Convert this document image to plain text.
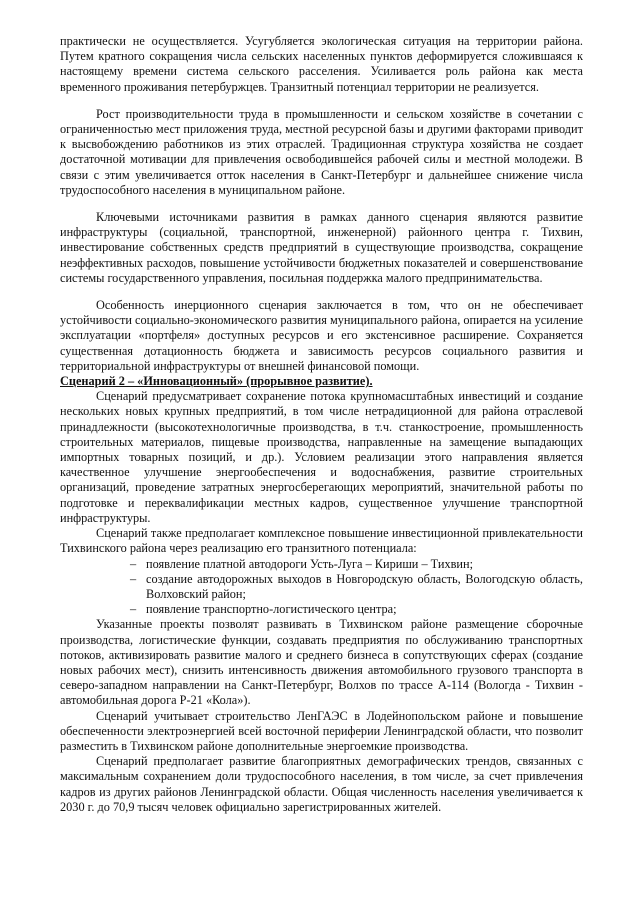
практически не осуществляется. Усугубляется экологическая ситуация на территории района. Путем кратного сокращения числа сельских населенных пунктов деформируется сложившаяся к настоящему времени система сельского расселения. Усиливается роль района как места временного проживания петербуржцев. Транзитный потенциал территории не реализуется.

Рост производительности труда в промышленности и сельском хозяйстве в сочетании с ограниченностью мест приложения труда, местной ресурсной базы и другими факторами приводит к высвобождению работников из этих отраслей. Традиционная структура хозяйства не создает достаточной мотивации для привлечения освободившейся рабочей силы и местной молодежи. В связи с этим увеличивается отток населения в Санкт-Петербург и дальнейшее снижение числа трудоспособного населения в муниципальном районе.

Ключевыми источниками развития в рамках данного сценария являются развитие инфраструктуры (социальной, транспортной, инженерной) районного центра г. Тихвин, инвестирование собственных средств предприятий в существующие производства, сокращение неэффективных расходов, повышение устойчивости бюджетных показателей и совершенствование системы государственного управления, посильная поддержка малого предпринимательства.

Особенность инерционного сценария заключается в том, что он не обеспечивает устойчивости социально-экономического развития муниципального района, опирается на усиление эксплуатации «портфеля» доступных ресурсов и его экстенсивное расширение. Сохраняется существенная дотационность бюджета и зависимость ресурсов социального развития и территориальной инфраструктуры от внешней финансовой помощи.

Сценарий 2 – «Инновационный» (прорывное развитие).

Сценарий предусматривает сохранение потока крупномасштабных инвестиций и создание нескольких новых крупных предприятий, в том числе нетрадиционной для района отраслевой принадлежности (высокотехнологичные производства, в т.ч. станкостроение, промышленность строительных материалов, пищевые производства, направленные на замещение выпадающих импортных товарных позиций, и др.). Условием реализации этого направления является качественное улучшение энергообеспечения и водоснабжения, развитие строительных организаций, проведение затратных энергосберегающих мероприятий, значительной работы по подготовке и переквалификации местных кадров, существенное улучшение транспортной инфраструктуры.

Сценарий также предполагает комплексное повышение инвестиционной привлекательности Тихвинского района через реализацию его транзитного потенциала:

– появление платной автодороги Усть-Луга – Кириши – Тихвин;
– создание автодорожных выходов в Новгородскую область, Вологодскую область, Волховский район;
– появление транспортно-логистического центра;

Указанные проекты позволят развивать в Тихвинском районе размещение сборочные производства, логистические функции, создавать предприятия по обслуживанию транспортных потоков, активизировать развитие малого и среднего бизнеса в сопутствующих сферах (создание новых рабочих мест), снизить интенсивность движения автомобильного грузового транспорта в северо-западном направлении на Санкт-Петербург, Волхов по трассе А-114 (Вологда - Тихвин - автомобильная дорога Р-21 «Кола»).

Сценарий учитывает строительство ЛенГАЭС в Лодейнопольском районе и повышение обеспеченности электроэнергией всей восточной периферии Ленинградской области, что позволит разместить в Тихвинском районе дополнительные энергоемкие производства.

Сценарий предполагает развитие благоприятных демографических трендов, связанных с максимальным сохранением доли трудоспособного населения, в том числе, за счет привлечения кадров из других районов Ленинградской области. Общая численность населения увеличивается к 2030 г. до 70,9 тысяч человек официально зарегистрированных жителей.
